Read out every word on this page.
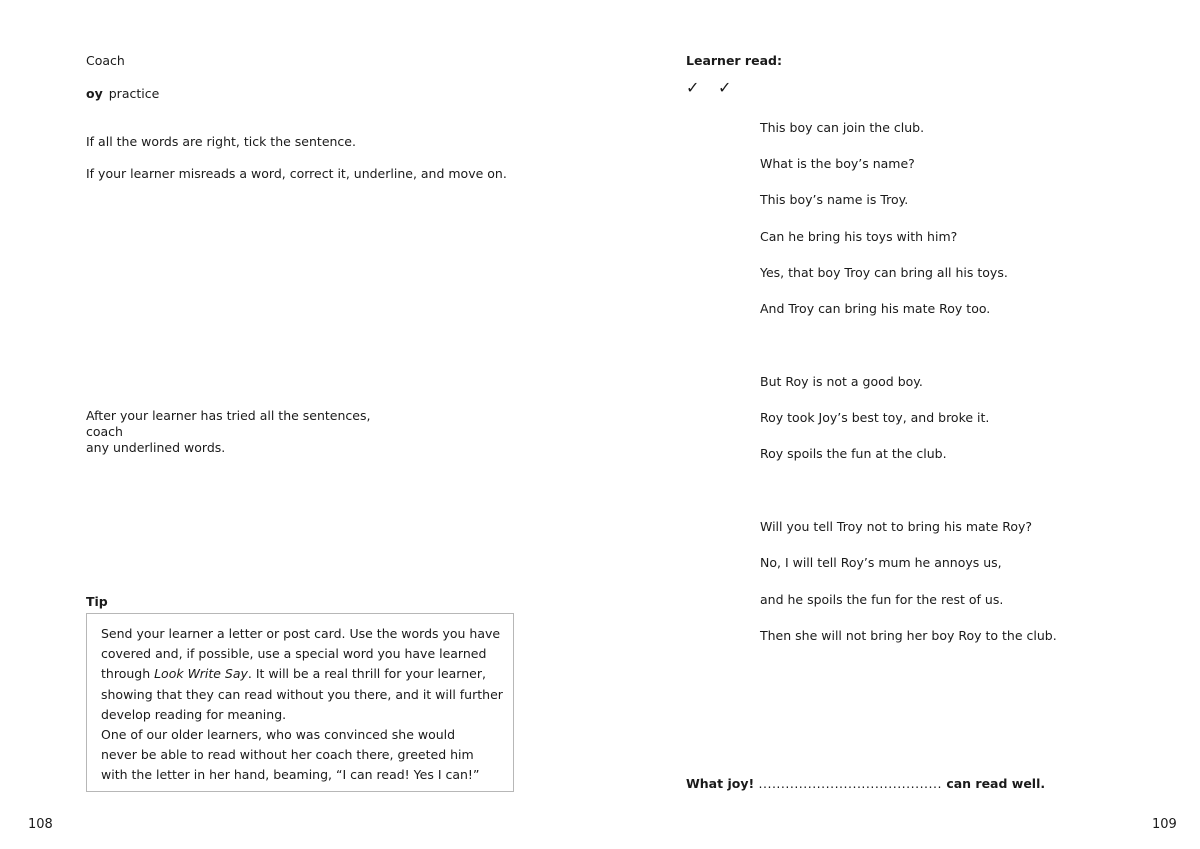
Coach
oy practice
If all the words are right, tick the sentence.
If your learner misreads a word, correct it, underline, and move on.
After your learner has tried all the sentences, coach
any underlined words.
Tip
Send your learner a letter or post card. Use the words you have
covered and, if possible, use a special word you have learned
through Look Write Say. It will be a real thrill for your learner,
showing that they can read without you there, and it will further
develop reading for meaning.
One of our older learners, who was convinced she would
never be able to read without her coach there, greeted him
with the letter in her hand, beaming, “I can read! Yes I can!”
108
Learner read:
✓ ✓
This boy can join the club.
What is the boy’s name?
This boy’s name is Troy.
Can he bring his toys with him?
Yes, that boy Troy can bring all his toys.
And Troy can bring his mate Roy too.
But Roy is not a good boy.
Roy took Joy’s best toy, and broke it.
Roy spoils the fun at the club.
Will you tell Troy not to bring his mate Roy?
No, I will tell Roy’s mum he annoys us,
and he spoils the fun for the rest of us.
Then she will not bring her boy Roy to the club.
What joy! ......................................... can read well.
109
